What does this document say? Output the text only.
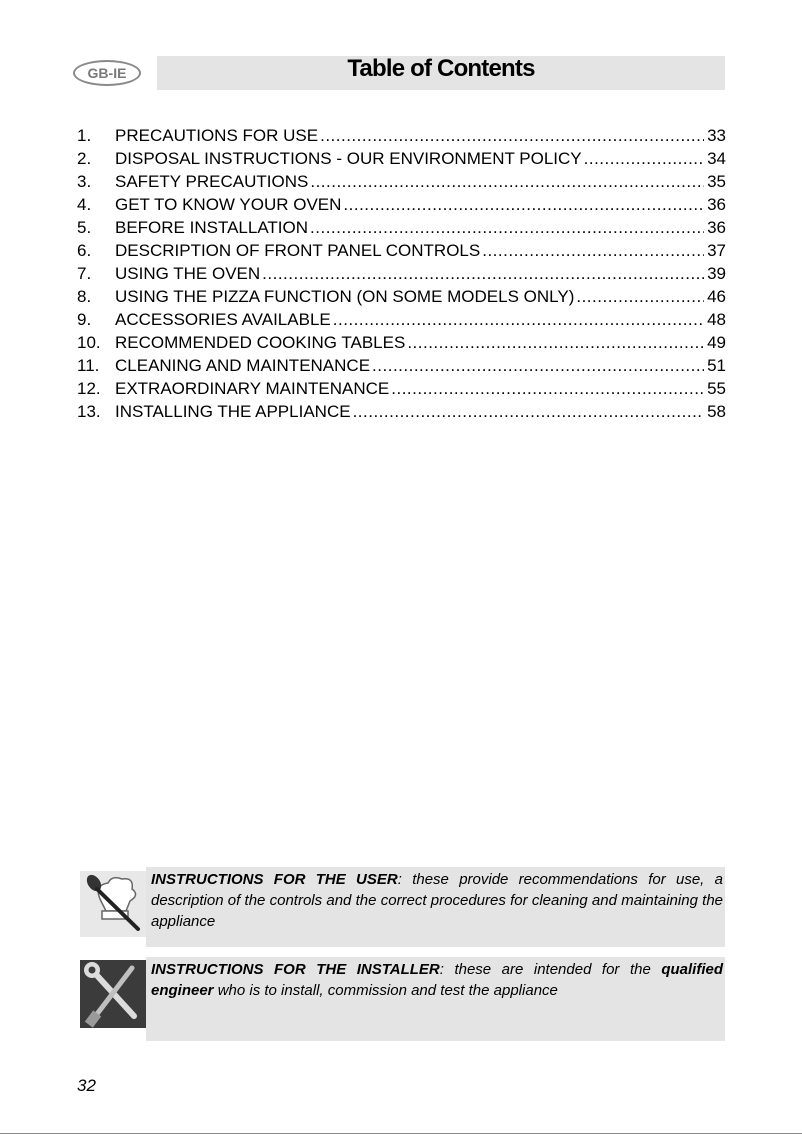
GB-IE	Table of Contents
1.	PRECAUTIONS FOR USE .....	33
2.	DISPOSAL INSTRUCTIONS - OUR ENVIRONMENT POLICY .....	34
3.	SAFETY PRECAUTIONS .....	35
4.	GET TO KNOW YOUR OVEN .....	36
5.	BEFORE INSTALLATION .....	36
6.	DESCRIPTION OF FRONT PANEL CONTROLS .....	37
7.	USING THE OVEN .....	39
8.	USING THE PIZZA FUNCTION (ON SOME MODELS ONLY) .....	46
9.	ACCESSORIES AVAILABLE .....	48
10. RECOMMENDED COOKING TABLES .....	49
11. CLEANING AND MAINTENANCE .....	51
12. EXTRAORDINARY MAINTENANCE .....	55
13. INSTALLING THE APPLIANCE .....	58
INSTRUCTIONS FOR THE USER: these provide recommendations for use, a description of the controls and the correct procedures for cleaning and maintaining the appliance
INSTRUCTIONS FOR THE INSTALLER: these are intended for the qualified engineer who is to install, commission and test the appliance
32
